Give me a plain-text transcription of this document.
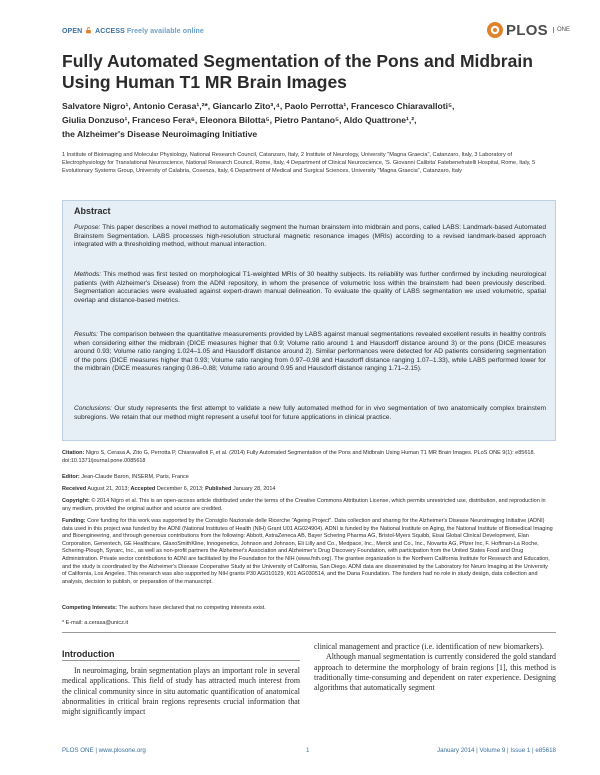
OPEN ACCESS Freely available online	PLOS	ONE
Fully Automated Segmentation of the Pons and Midbrain Using Human T1 MR Brain Images
Salvatore Nigro¹, Antonio Cerasa¹,²*, Giancarlo Zito³,⁴, Paolo Perrotta¹, Francesco Chiaravalloti⁵,
Giulia Donzuso¹, Franceso Fera⁶, Eleonora Bilotta⁵, Pietro Pantano⁵, Aldo Quattrone¹,²,
the Alzheimer's Disease Neuroimaging Initiative
1 Institute of Bioimaging and Molecular Physiology, National Research Council, Catanzaro, Italy, 2 Institute of Neurology, University "Magna Graecia", Catanzaro, Italy, 3 Laboratory of Electrophysiology for Translational Neuroscience, National Research Council, Rome, Italy, 4 Department of Clinical Neuroscience, 'S. Giovanni Calibita' Fatebenefratelli Hospital, Rome, Italy, 5 Evolutionary Systems Group, University of Calabria, Cosenza, Italy, 6 Department of Medical and Surgical Sciences, University "Magna Graecia", Catanzaro, Italy
Abstract
Purpose: This paper describes a novel method to automatically segment the human brainstem into midbrain and pons, called LABS: Landmark-based Automated Brainstem Segmentation. LABS processes high-resolution structural magnetic resonance images (MRIs) according to a revised landmark-based approach integrated with a thresholding method, without manual interaction.
Methods: This method was first tested on morphological T1-weighted MRIs of 30 healthy subjects. Its reliability was further confirmed by including neurological patients (with Alzheimer's Disease) from the ADNI repository, in whom the presence of volumetric loss within the brainstem had been previously described. Segmentation accuracies were evaluated against expert-drawn manual delineation. To evaluate the quality of LABS segmentation we used volumetric, spatial overlap and distance-based metrics.
Results: The comparison between the quantitative measurements provided by LABS against manual segmentations revealed excellent results in healthy controls when considering either the midbrain (DICE measures higher that 0.9; Volume ratio around 1 and Hausdorff distance around 3) or the pons (DICE measures around 0.93; Volume ratio ranging 1.024–1.05 and Hausdorff distance around 2). Similar performances were detected for AD patients considering segmentation of the pons (DICE measures higher that 0.93; Volume ratio ranging from 0.97–0.98 and Hausdorff distance ranging 1.07–1.33), while LABS performed lower for the midbrain (DICE measures ranging 0.86–0.88; Volume ratio around 0.95 and Hausdorff distance ranging 1.71–2.15).
Conclusions: Our study represents the first attempt to validate a new fully automated method for in vivo segmentation of two anatomically complex brainstem subregions. We retain that our method might represent a useful tool for future applications in clinical practice.
Citation: Nigro S, Cerasa A, Zito G, Perrotta P, Chiaravalloti F, et al. (2014) Fully Automated Segmentation of the Pons and Midbrain Using Human T1 MR Brain Images. PLoS ONE 9(1): e85618. doi:10.1371/journal.pone.0085618
Editor: Jean-Claude Baron, INSERM, Paris, France
Received August 21, 2013; Accepted December 6, 2013; Published January 28, 2014
Copyright: © 2014 Nigro et al. This is an open-access article distributed under the terms of the Creative Commons Attribution License, which permits unrestricted use, distribution, and reproduction in any medium, provided the original author and source are credited.
Funding: Core funding for this work was supported by the Consiglio Nazionale delle Ricerche "Ageing Project". Data collection and sharing for the Alzheimer's Disease Neuroimaging Initiative (ADNI) data used in this project was funded by the ADNI (National Institutes of Health (NIH) Grant U01 AG024904). ADNI is funded by the National Institute on Aging, the National Institute of Biomedical Imaging and Bioengineering, and through generous contributions from the following: Abbott, AstraZeneca AB, Bayer Schering Pharma AG, Bristol-Myers Squibb, Eisai Global Clinical Development, Elan Corporation, Genentech, GE Healthcare, GlaxoSmithKline, Innogenetics, Johnson and Johnson, Eli Lilly and Co., Medpace, Inc., Merck and Co., Inc., Novartis AG, Pfizer Inc, F. Hoffman-La Roche, Schering-Plough, Synarc, Inc., as well as non-profit partners the Alzheimer's Association and Alzheimer's Drug Discovery Foundation, with participation from the United States Food and Drug Administration. Private sector contributions to ADNI are facilitated by the Foundation for the NIH (www.fnih.org). The grantee organization is the Northern California Institute for Research and Education, and the study is coordinated by the Alzheimer's Disease Cooperative Study at the University of California, San Diego. ADNI data are disseminated by the Laboratory for Neuro Imaging at the University of California, Los Angeles. This research was also supported by NIH grants P30 AG010129, K01 AG030514, and the Dana Foundation. The funders had no role in study design, data collection and analysis, decision to publish, or preparation of the manuscript.
Competing Interests: The authors have declared that no competing interests exist.
* E-mail: a.cerasa@unicz.it
Introduction

In neuroimaging, brain segmentation plays an important role in several medical applications. This field of study has attracted much interest from the clinical community since in situ automatic quantification of anatomical abnormalities in critical brain regions represents crucial information that might significantly impact

clinical management and practice (i.e. identification of new biomarkers).

Although manual segmentation is currently considered the gold standard approach to determine the morphology of brain regions [1], this method is traditionally time-consuming and dependent on rater experience. Designing algorithms that automatically segment

PLOS ONE | www.plosone.org	1	January 2014 | Volume 9 | Issue 1 | e85618
